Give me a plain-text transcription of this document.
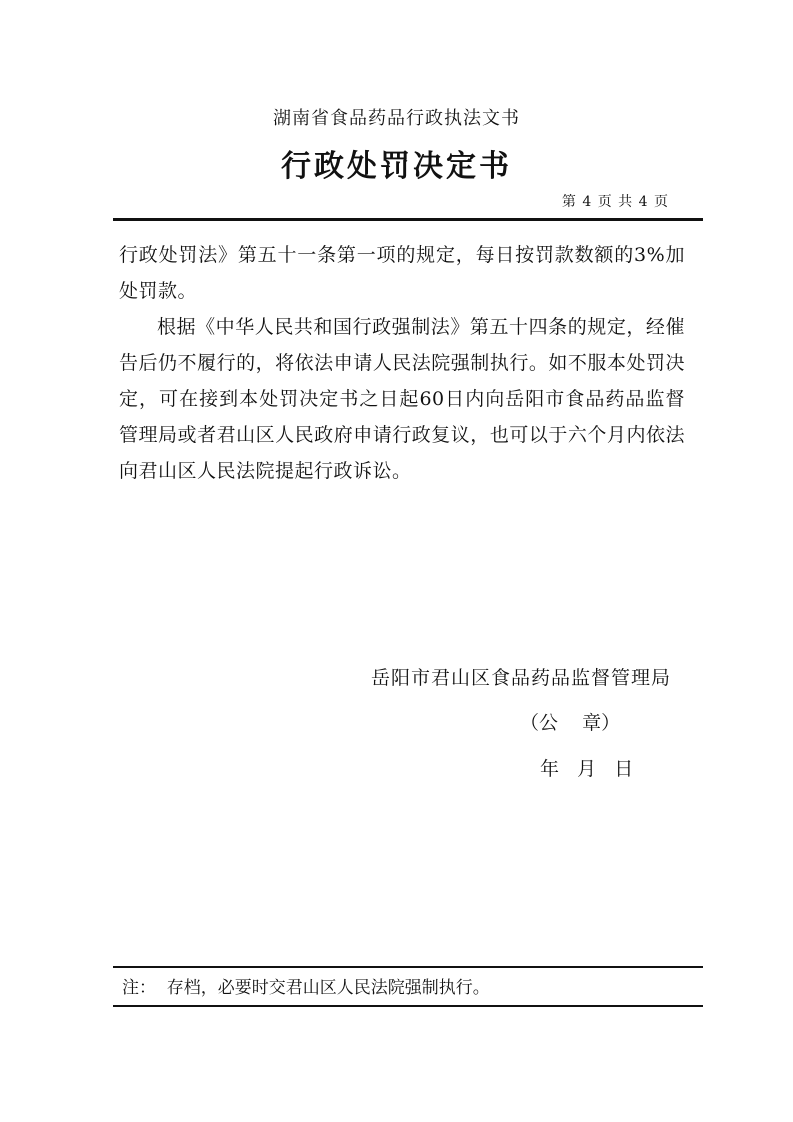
湖南省食品药品行政执法文书
行政处罚决定书
第 4 页 共 4 页

行政处罚法》第五十一条第一项的规定，每日按罚款数额的3%加处罚款。

根据《中华人民共和国行政强制法》第五十四条的规定，经催告后仍不履行的，将依法申请人民法院强制执行。如不服本处罚决定，可在接到本处罚决定书之日起60日内向岳阳市食品药品监督管理局或者君山区人民政府申请行政复议，也可以于六个月内依法向君山区人民法院提起行政诉讼。

岳阳市君山区食品药品监督管理局
（公    章）
年   月   日
注：  存档，必要时交君山区人民法院强制执行。
